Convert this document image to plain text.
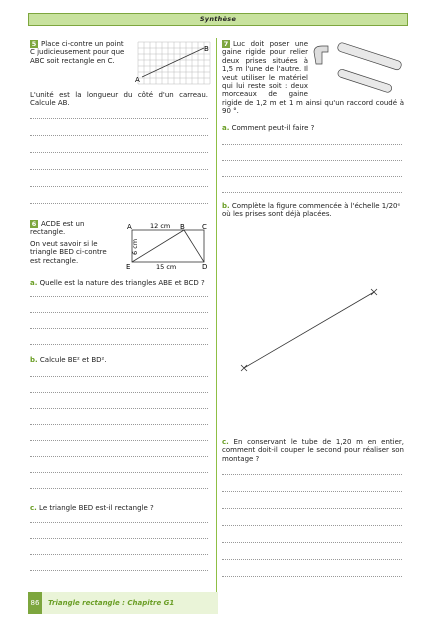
Synthèse
5 Place ci-contre un point C judicieusement pour que ABC soit rectangle en C.
A
B
L'unité est la longueur du côté d'un carreau. Calcule AB.
6 ACDE est un rectangle.
On veut savoir si le triangle BED ci-contre est rectangle.
A	B C
D
E
12 cm
15 cm
6 cm
a. Quelle est la nature des triangles ABE et BCD ?
b. Calcule BE² et BD².
c. Le triangle BED est-il rectangle ?
7 Luc doit poser une gaine rigide pour relier deux prises situées à 1,5 m l'une de l'autre. Il veut utiliser le matériel qui lui reste soit : deux morceaux de gaine rigide de 1,2 m et 1 m ainsi qu'un raccord coudé à 90 °.
a. Comment peut-il faire ?
b. Complète la figure commencée à l'échelle 1/20ᵉ où les prises sont déjà placées.
c. En conservant le tube de 1,20 m en entier, comment doit-il couper le second pour réaliser son montage ?
86	Triangle rectangle : Chapitre G1
